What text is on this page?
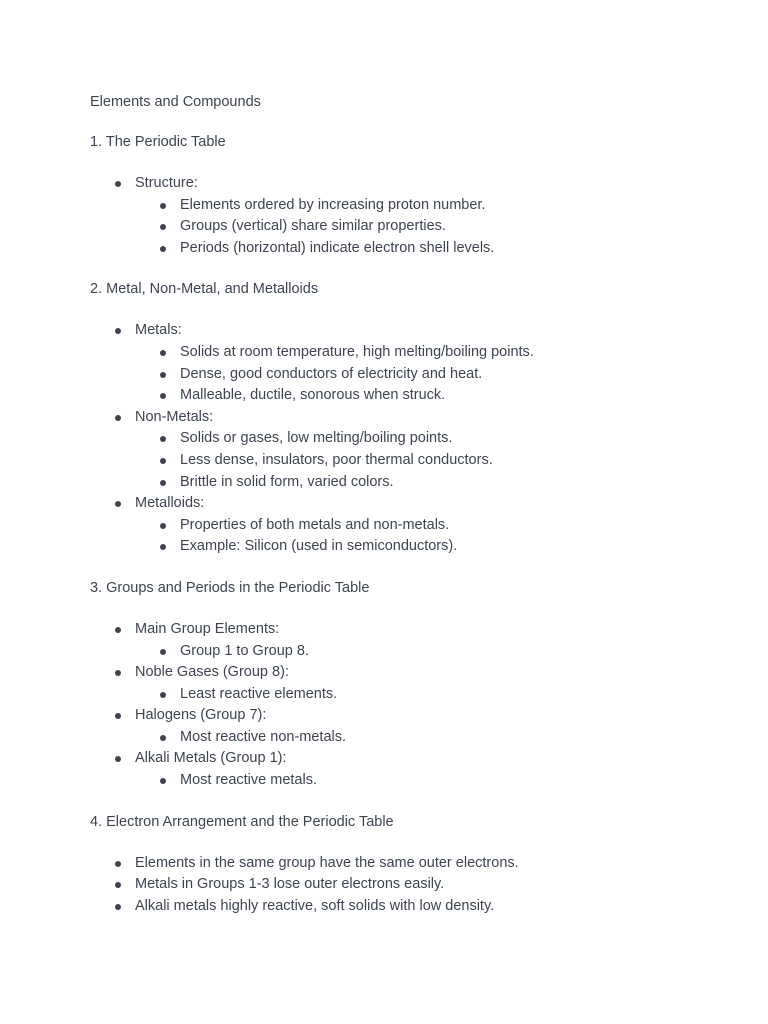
Elements and Compounds
1. The Periodic Table
Structure:
Elements ordered by increasing proton number.
Groups (vertical) share similar properties.
Periods (horizontal) indicate electron shell levels.
2. Metal, Non-Metal, and Metalloids
Metals:
Solids at room temperature, high melting/boiling points.
Dense, good conductors of electricity and heat.
Malleable, ductile, sonorous when struck.
Non-Metals:
Solids or gases, low melting/boiling points.
Less dense, insulators, poor thermal conductors.
Brittle in solid form, varied colors.
Metalloids:
Properties of both metals and non-metals.
Example: Silicon (used in semiconductors).
3. Groups and Periods in the Periodic Table
Main Group Elements:
Group 1 to Group 8.
Noble Gases (Group 8):
Least reactive elements.
Halogens (Group 7):
Most reactive non-metals.
Alkali Metals (Group 1):
Most reactive metals.
4. Electron Arrangement and the Periodic Table
Elements in the same group have the same outer electrons.
Metals in Groups 1-3 lose outer electrons easily.
Alkali metals highly reactive, soft solids with low density.
